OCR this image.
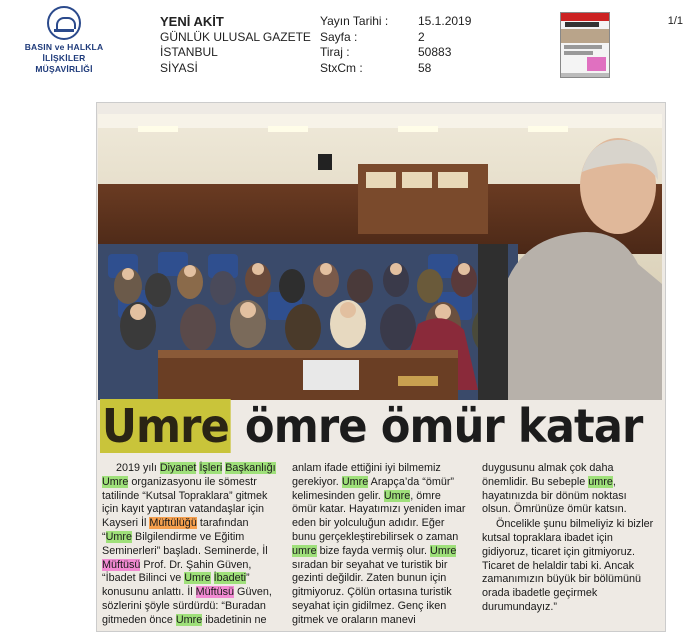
BASIN ve HALKLA İLİŞKİLER
MÜŞAVİRLİĞİ
YENİ AKİT
GÜNLÜK ULUSAL GAZETE
İSTANBUL
SİYASİ
Yayın Tarihi :
Sayfa :
Tiraj :
StxCm :
15.1.2019
2
50883
58
1/1
Umre ömre ömür katar

2019 yılı Diyanet İşleri Başkanlığı Umre organizasyonu ile sömestr tatilinde “Kutsal Topraklara” gitmek için kayıt yaptıran vatandaşlar için Kayseri İl Müftülüğü tarafından “Umre Bilgilendirme ve Eğitim Seminerleri” başladı. Seminerde, İl Müftüsü Prof. Dr. Şahin Güven, “İbadet Bilinci ve Umre İbadeti” konusunu anlattı. İl Müftüsü Güven, sözlerini şöyle sürdürdü: “Buradan gitmeden önce Umre ibadetinin ne anlam ifade ettiğini iyi bilmemiz gerekiyor. Umre Arapça’da “ömür” kelimesinden gelir. Umre, ömre ömür katar. Hayatımızı yeniden imar eden bir yolculuğun adıdır. Eğer bunu gerçekleştirebilirsek o zaman umre bize fayda vermiş olur. Umre sıradan bir seyahat ve turistik bir gezinti değildir. Zaten bunun için gitmiyoruz. Çölün ortasına turistik seyahat için gidilmez. Genç iken gitmek ve oraların manevi duygusunu almak çok daha önemlidir. Bu sebeple umre, hayatınızda bir dönüm noktası olsun. Ömrünüze ömür katsın.

Öncelikle şunu bilmeliyiz ki bizler kutsal topraklara ibadet için gidiyoruz, ticaret için gitmiyoruz. Ticaret de helaldir tabi ki. Ancak zamanımızın büyük bir bölümünü orada ibadetle geçirmek durumundayız.”
